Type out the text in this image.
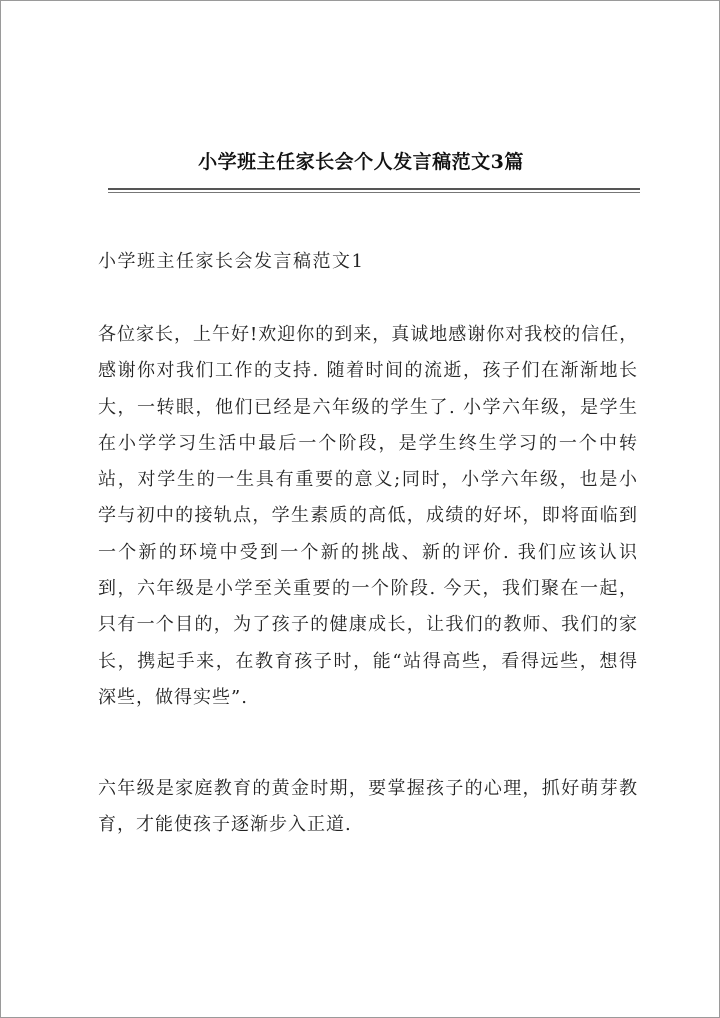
小学班主任家长会个人发言稿范文3篇
小学班主任家长会发言稿范文1
各位家长，上午好!欢迎你的到来，真诚地感谢你对我校的信任，
感谢你对我们工作的支持. 随着时间的流逝，孩子们在渐渐地长
大，一转眼，他们已经是六年级的学生了. 小学六年级，是学生
在小学学习生活中最后一个阶段，是学生终生学习的一个中转
站，对学生的一生具有重要的意义;同时，小学六年级，也是小
学与初中的接轨点，学生素质的高低，成绩的好坏，即将面临到
一个新的环境中受到一个新的挑战、新的评价. 我们应该认识
到，六年级是小学至关重要的一个阶段. 今天，我们聚在一起，
只有一个目的，为了孩子的健康成长，让我们的教师、我们的家
长，携起手来，在教育孩子时，能“站得高些，看得远些，想得
深些，做得实些”.
六年级是家庭教育的黄金时期，要掌握孩子的心理，抓好萌芽教
育，才能使孩子逐渐步入正道.
